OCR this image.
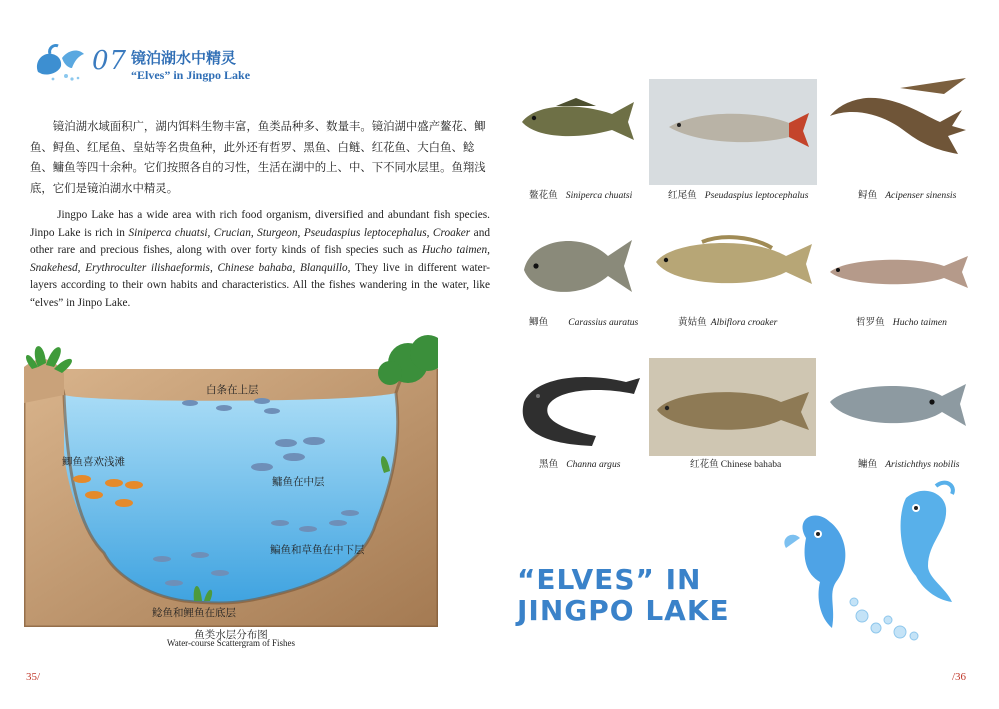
07 镜泊湖水中精灵
“Elves” in Jingpo Lake

镜泊湖水域面积广，湖内饵料生物丰富，鱼类品种多、数量丰。镜泊湖中盛产鳌花、鲫鱼、鲟鱼、红尾鱼、皇姑等名贵鱼种，此外还有哲罗、黑鱼、白鲢、红花鱼、大白鱼、鲶鱼、鳙鱼等四十余种。它们按照各自的习性，生活在湖中的上、中、下不同水层里。鱼翔浅底，它们是镜泊湖水中精灵。

Jingpo Lake has a wide area with rich food organism, diversified and abundant fish species. Jinpo Lake is rich in Siniperca chuatsi, Crucian, Sturgeon, Pseudaspius leptocephalus, Croaker and other rare and precious fishes, along with over forty kinds of fish species such as Hucho taimen, Snakehesd, Erythroculter ilishaeformis, Chinese bahaba, Blanquillo, They live in different water-layers according to their own habits and characteristics. All the fishes wandering in the water, like “elves” in Jinpo Lake.

白条在上层
鲫鱼喜欢浅滩
鳙鱼在中层
鳊鱼和草鱼在中下层
鲶鱼和鲤鱼在底层
鱼类水层分布图
Water-course Scattergram of Fishes
鳌花鱼 Siniperca chuatsi	红尾鱼 Pseudaspius leptocephalus	鲟鱼 Acipenser sinensis
鲫鱼 Carassius auratus	黄姑鱼 Albiflora croaker	哲罗鱼 Hucho taimen
黑鱼 Channa argus	红花鱼 Chinese bahaba	鳙鱼 Aristichthys nobilis
“ELVES” IN
JINGPO LAKE
35/	/36
